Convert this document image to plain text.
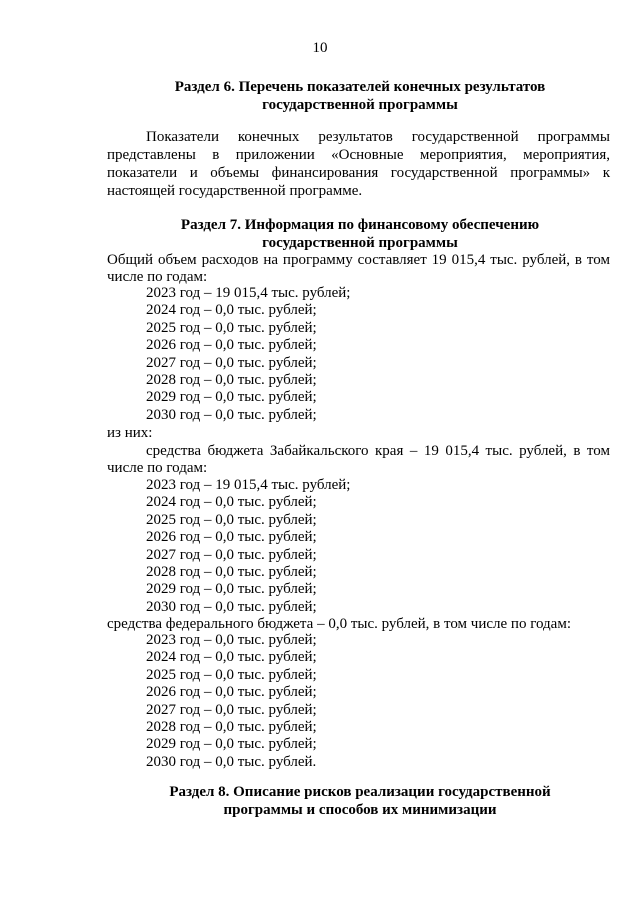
10
Раздел 6. Перечень показателей конечных результатов
государственной программы
Показатели конечных результатов государственной программы
представлены в приложении «Основные мероприятия, мероприятия,
показатели и объемы финансирования государственной программы» к
настоящей государственной программе.
Раздел 7. Информация по финансовому обеспечению
государственной программы
Общий объем расходов на программу составляет 19 015,4 тыс. рублей, в том
числе по годам:
2023 год – 19 015,4 тыс. рублей;
2024 год – 0,0 тыс. рублей;
2025 год – 0,0 тыс. рублей;
2026 год – 0,0 тыс. рублей;
2027 год – 0,0 тыс. рублей;
2028 год – 0,0 тыс. рублей;
2029 год – 0,0 тыс. рублей;
2030 год – 0,0 тыс. рублей;
из них:
средства бюджета Забайкальского края – 19 015,4 тыс. рублей, в том
числе по годам:
2023 год – 19 015,4 тыс. рублей;
2024 год – 0,0 тыс. рублей;
2025 год – 0,0 тыс. рублей;
2026 год – 0,0 тыс. рублей;
2027 год – 0,0 тыс. рублей;
2028 год – 0,0 тыс. рублей;
2029 год – 0,0 тыс. рублей;
2030 год – 0,0 тыс. рублей;
средства федерального бюджета – 0,0 тыс. рублей, в том числе по годам:
2023 год – 0,0 тыс. рублей;
2024 год – 0,0 тыс. рублей;
2025 год – 0,0 тыс. рублей;
2026 год – 0,0 тыс. рублей;
2027 год – 0,0 тыс. рублей;
2028 год – 0,0 тыс. рублей;
2029 год – 0,0 тыс. рублей;
2030 год – 0,0 тыс. рублей.
Раздел 8. Описание рисков реализации государственной
программы и способов их минимизации
